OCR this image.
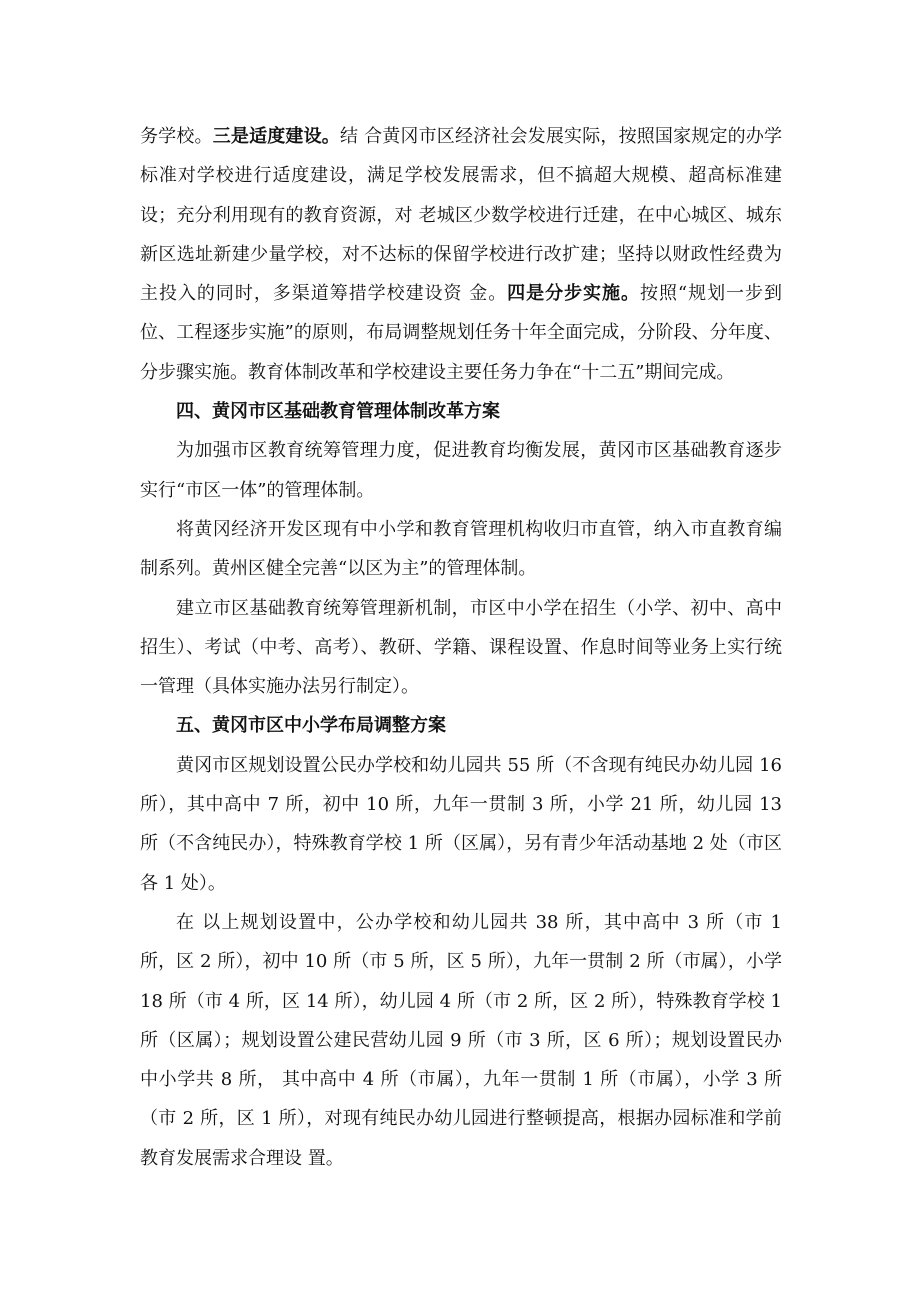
务学校。三是适度建设。结 合黄冈市区经济社会发展实际，按照国家规定的办学标准对学校进行适度建设，满足学校发展需求，但不搞超大规模、超高标准建设；充分利用现有的教育资源，对 老城区少数学校进行迁建，在中心城区、城东新区选址新建少量学校，对不达标的保留学校进行改扩建；坚持以财政性经费为主投入的同时，多渠道筹措学校建设资 金。四是分步实施。按照“规划一步到位、工程逐步实施”的原则，布局调整规划任务十年全面完成，分阶段、分年度、分步骤实施。教育体制改革和学校建设主要任务力争在“十二五”期间完成。

四、黄冈市区基础教育管理体制改革方案

为加强市区教育统筹管理力度，促进教育均衡发展，黄冈市区基础教育逐步实行“市区一体”的管理体制。

将黄冈经济开发区现有中小学和教育管理机构收归市直管，纳入市直教育编制系列。黄州区健全完善“以区为主”的管理体制。

建立市区基础教育统筹管理新机制，市区中小学在招生（小学、初中、高中招生）、考试（中考、高考）、教研、学籍、课程设置、作息时间等业务上实行统一管理（具体实施办法另行制定）。

五、黄冈市区中小学布局调整方案

黄冈市区规划设置公民办学校和幼儿园共 55 所（不含现有纯民办幼儿园 16 所），其中高中 7 所，初中 10 所，九年一贯制 3 所，小学 21 所，幼儿园 13 所（不含纯民办），特殊教育学校 1 所（区属），另有青少年活动基地 2 处（市区各 1 处）。

在 以上规划设置中，公办学校和幼儿园共 38 所，其中高中 3 所（市 1 所，区 2 所），初中 10 所（市 5 所，区 5 所），九年一贯制 2 所（市属），小学 18 所（市 4 所，区 14 所），幼儿园 4 所（市 2 所，区 2 所），特殊教育学校 1 所（区属）；规划设置公建民营幼儿园 9 所（市 3 所，区 6 所）；规划设置民办中小学共 8 所， 其中高中 4 所（市属），九年一贯制 1 所（市属），小学 3 所（市 2 所，区 1 所），对现有纯民办幼儿园进行整顿提高，根据办园标准和学前教育发展需求合理设 置。
